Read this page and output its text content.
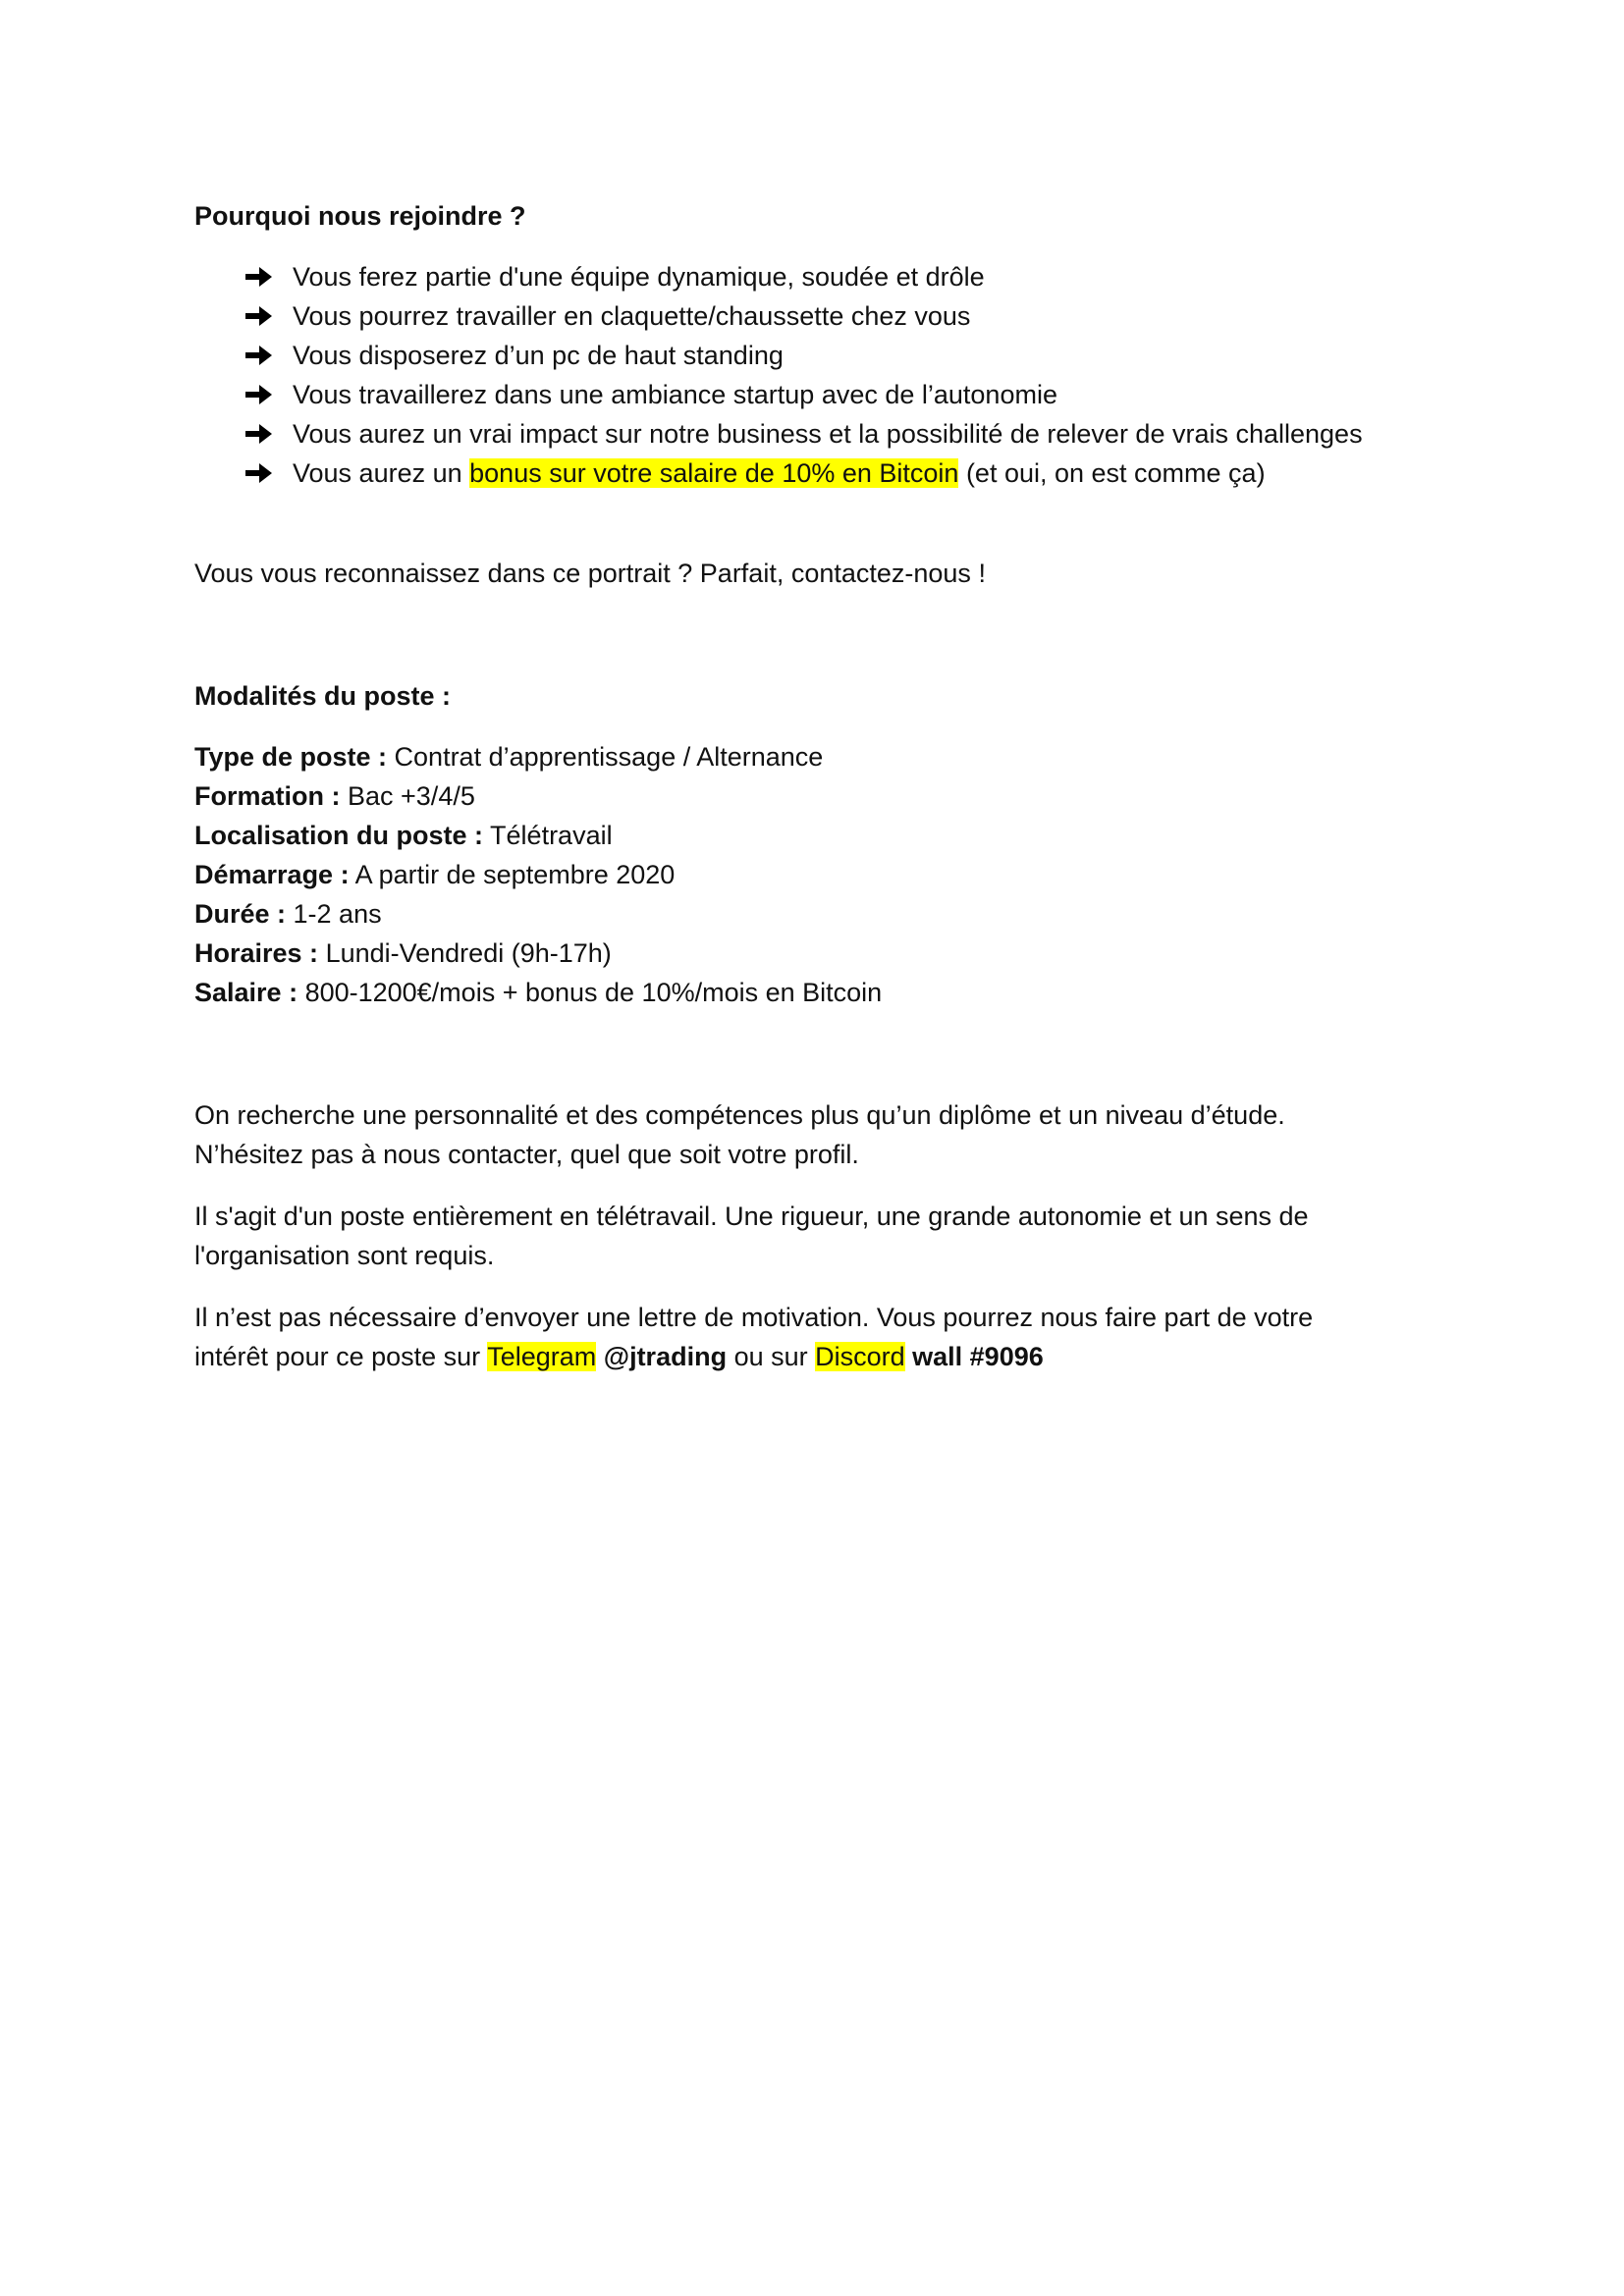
Pourquoi nous rejoindre ?

Vous ferez partie d'une équipe dynamique, soudée et drôle
Vous pourrez travailler en claquette/chaussette chez vous
Vous disposerez d’un pc de haut standing
Vous travaillerez dans une ambiance startup avec de l’autonomie
Vous aurez un vrai impact sur notre business et la possibilité de relever de vrais challenges
Vous aurez un bonus sur votre salaire de 10% en Bitcoin (et oui, on est comme ça)

Vous vous reconnaissez dans ce portrait ? Parfait, contactez-nous !

Modalités du poste :

Type de poste : Contrat d’apprentissage / Alternance
Formation : Bac +3/4/5
Localisation du poste : Télétravail
Démarrage : A partir de septembre 2020
Durée : 1-2 ans
Horaires : Lundi-Vendredi (9h-17h)
Salaire : 800-1200€/mois + bonus de 10%/mois en Bitcoin
On recherche une personnalité et des compétences plus qu’un diplôme et un niveau d’étude.
N’hésitez pas à nous contacter, quel que soit votre profil.
Il s'agit d'un poste entièrement en télétravail. Une rigueur, une grande autonomie et un sens de
l'organisation sont requis.
Il n’est pas nécessaire d’envoyer une lettre de motivation. Vous pourrez nous faire part de votre
intérêt pour ce poste sur Telegram @jtrading ou sur Discord wall #9096
